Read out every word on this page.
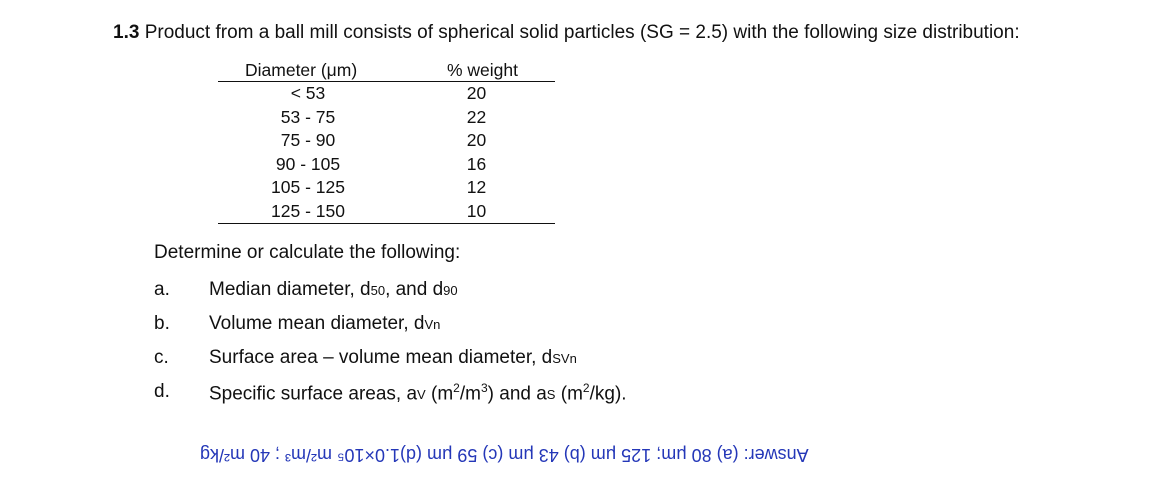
1.3 Product from a ball mill consists of spherical solid particles (SG = 2.5) with the following size distribution:
Diameter (μm)	% weight
< 53	20
53 - 75	22
75 - 90	20
90 - 105	16
105 - 125	12
125 - 150	10
Determine or calculate the following:
a. Median diameter, d50, and d90
b. Volume mean diameter, dVn
c. Surface area – volume mean diameter, dSVn
d. Specific surface areas, aV $(m^2/m^3)$ and aS $(m^2/kg)$.
Answer: (a) 80 μm; 125 μm (b) 43 μm (c) 59 μm (d)1.0×10⁵ m²/m³ ; 40 m²/kg
